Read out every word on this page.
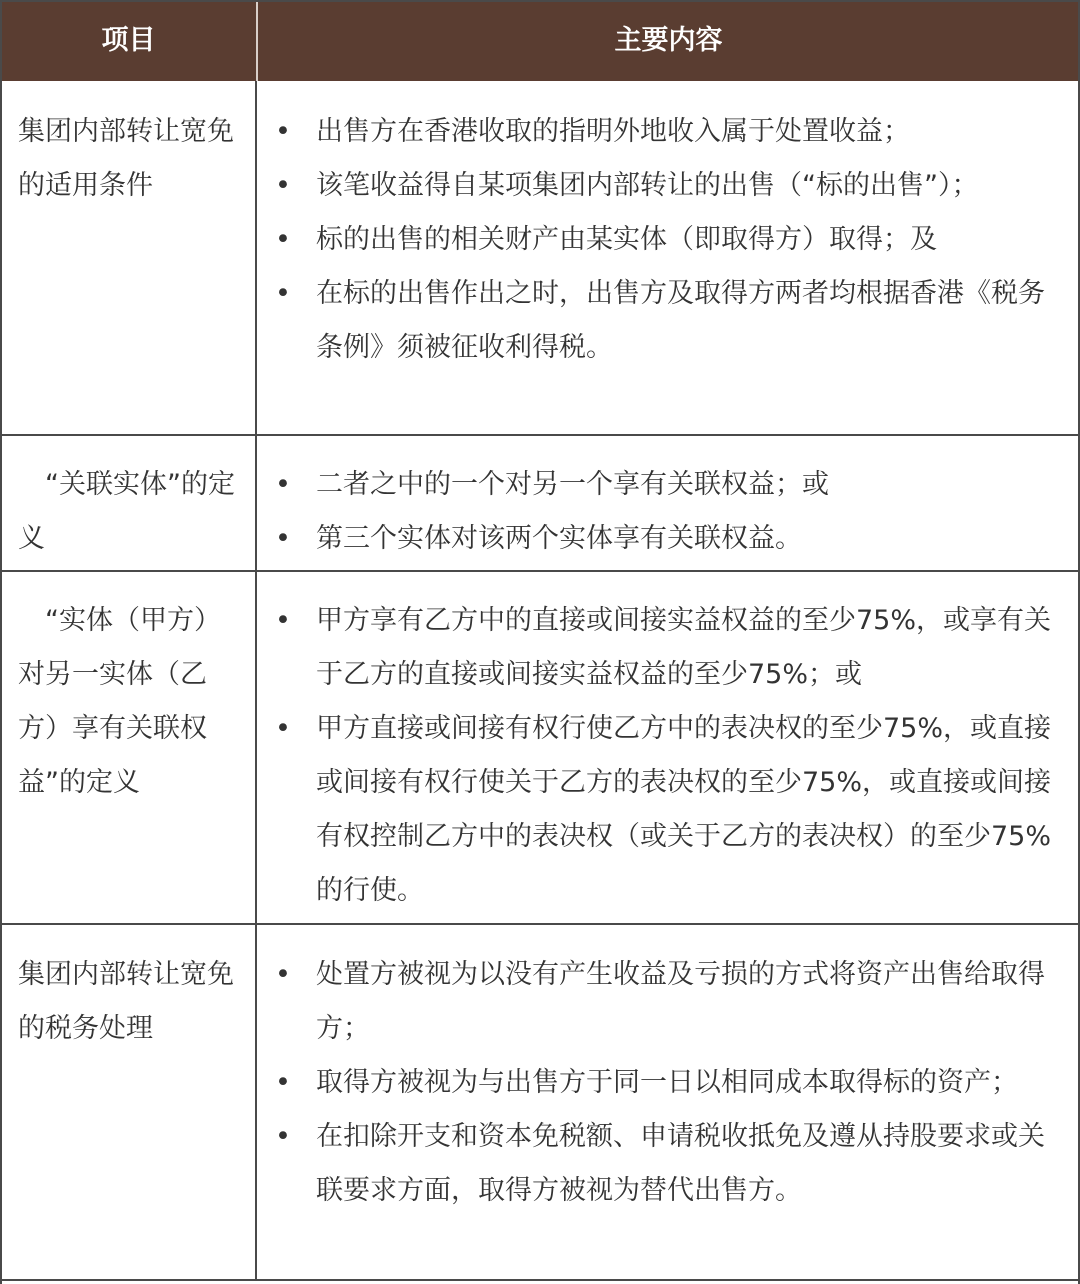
项目	主要内容
集团内部转让宽免的适用条件
• 出售方在香港收取的指明外地收入属于处置收益；
• 该笔收益得自某项集团内部转让的出售（“标的出售”）；
• 标的出售的相关财产由某实体（即取得方）取得；及
• 在标的出售作出之时，出售方及取得方两者均根据香港《税务条例》须被征收利得税。
“关联实体”的定义
• 二者之中的一个对另一个享有关联权益；或
• 第三个实体对该两个实体享有关联权益。
“实体（甲方）对另一实体（乙方）享有关联权益”的定义
• 甲方享有乙方中的直接或间接实益权益的至少75%，或享有关于乙方的直接或间接实益权益的至少75%；或
• 甲方直接或间接有权行使乙方中的表决权的至少75%，或直接或间接有权行使关于乙方的表决权的至少75%，或直接或间接有权控制乙方中的表决权（或关于乙方的表决权）的至少75%的行使。
集团内部转让宽免的税务处理
• 处置方被视为以没有产生收益及亏损的方式将资产出售给取得方；
• 取得方被视为与出售方于同一日以相同成本取得标的资产；
• 在扣除开支和资本免税额、申请税收抵免及遵从持股要求或关联要求方面，取得方被视为替代出售方。
